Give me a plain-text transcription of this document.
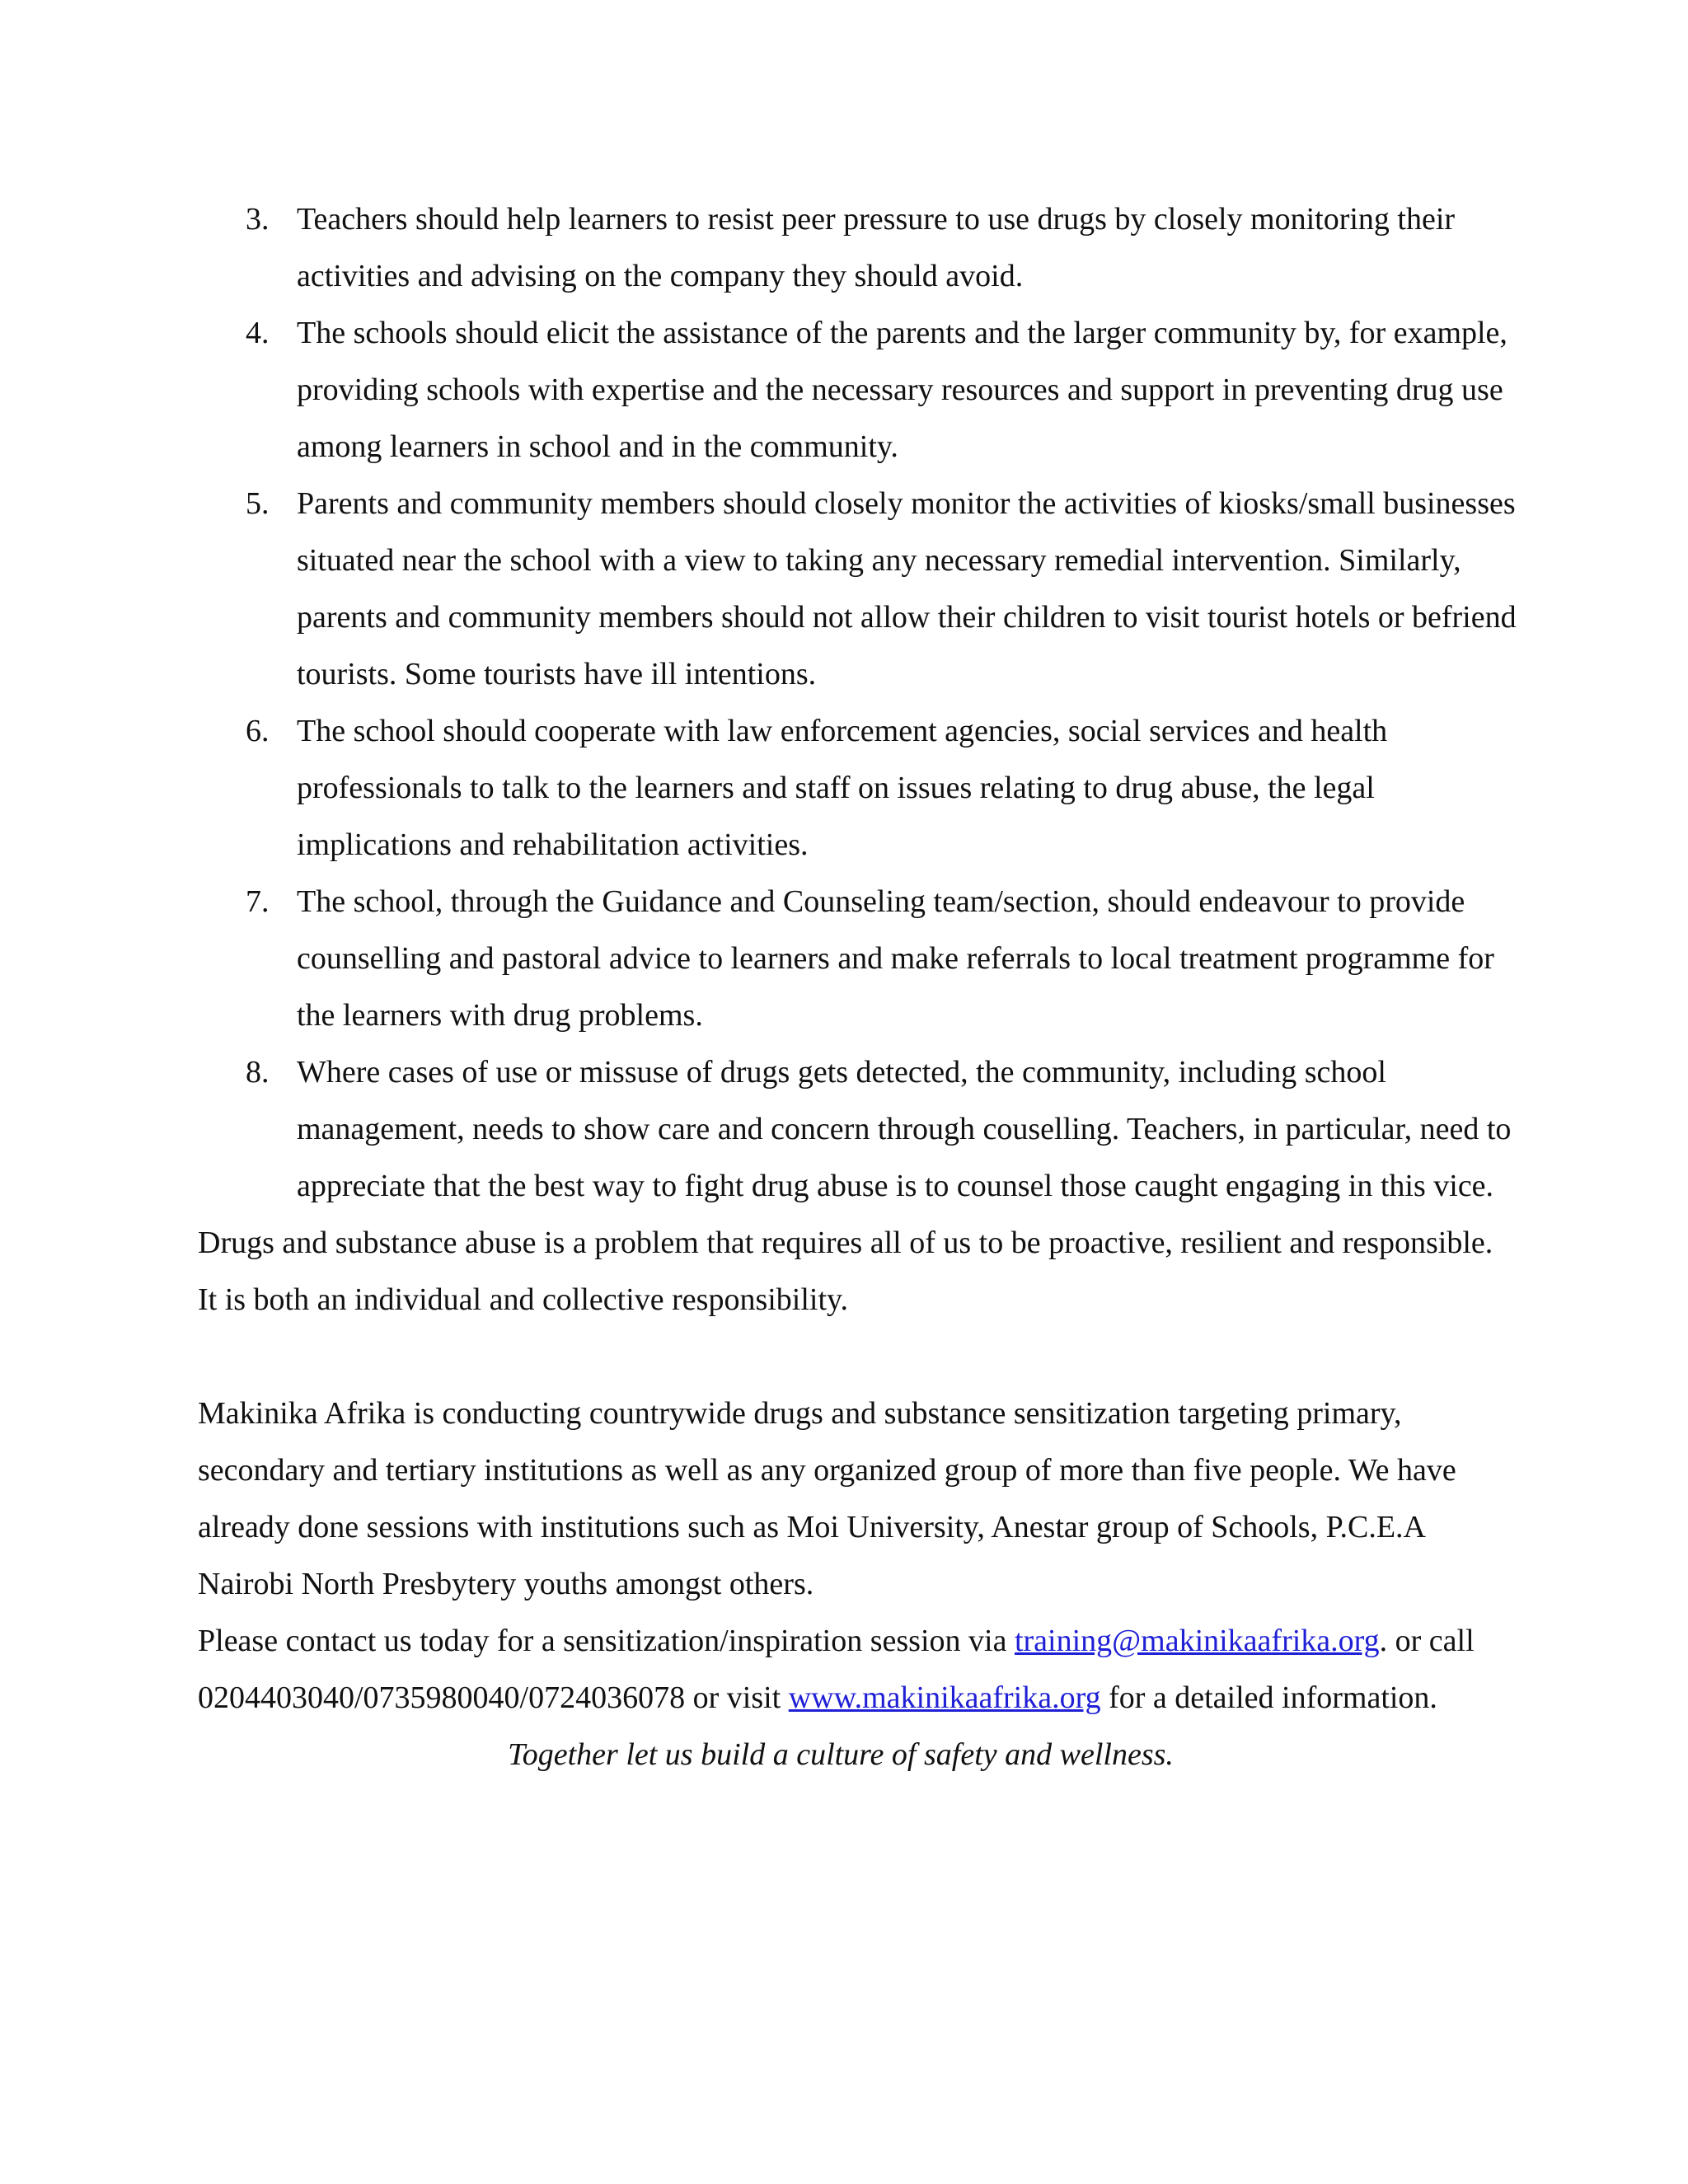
3. Teachers should help learners to resist peer pressure to use drugs by closely monitoring their activities and advising on the company they should avoid.
4. The schools should elicit the assistance of the parents and the larger community by, for example, providing schools with expertise and the necessary resources and support in preventing drug use among learners in school and in the community.
5. Parents and community members should closely monitor the activities of kiosks/small businesses situated near the school with a view to taking any necessary remedial intervention. Similarly, parents and community members should not allow their children to visit tourist hotels or befriend tourists. Some tourists have ill intentions.
6. The school should cooperate with law enforcement agencies, social services and health professionals to talk to the learners and staff on issues relating to drug abuse, the legal implications and rehabilitation activities.
7. The school, through the Guidance and Counseling team/section, should endeavour to provide counselling and pastoral advice to learners and make referrals to local treatment programme for the learners with drug problems.
8. Where cases of use or missuse of drugs gets detected, the community, including school management, needs to show care and concern through couselling. Teachers, in particular, need to appreciate that the best way to fight drug abuse is to counsel those caught engaging in this vice.

Drugs and substance abuse is a problem that requires all of us to be proactive, resilient and responsible. It is both an individual and collective responsibility.

Makinika Afrika is conducting countrywide drugs and substance sensitization targeting primary, secondary and tertiary institutions as well as any organized group of more than five people. We have already done sessions with institutions such as Moi University, Anestar group of Schools, P.C.E.A Nairobi North Presbytery youths amongst others.

Please contact us today for a sensitization/inspiration session via training@makinikaafrika.org. or call 0204403040/0735980040/0724036078 or visit www.makinikaafrika.org for a detailed information.

Together let us build a culture of safety and wellness.
